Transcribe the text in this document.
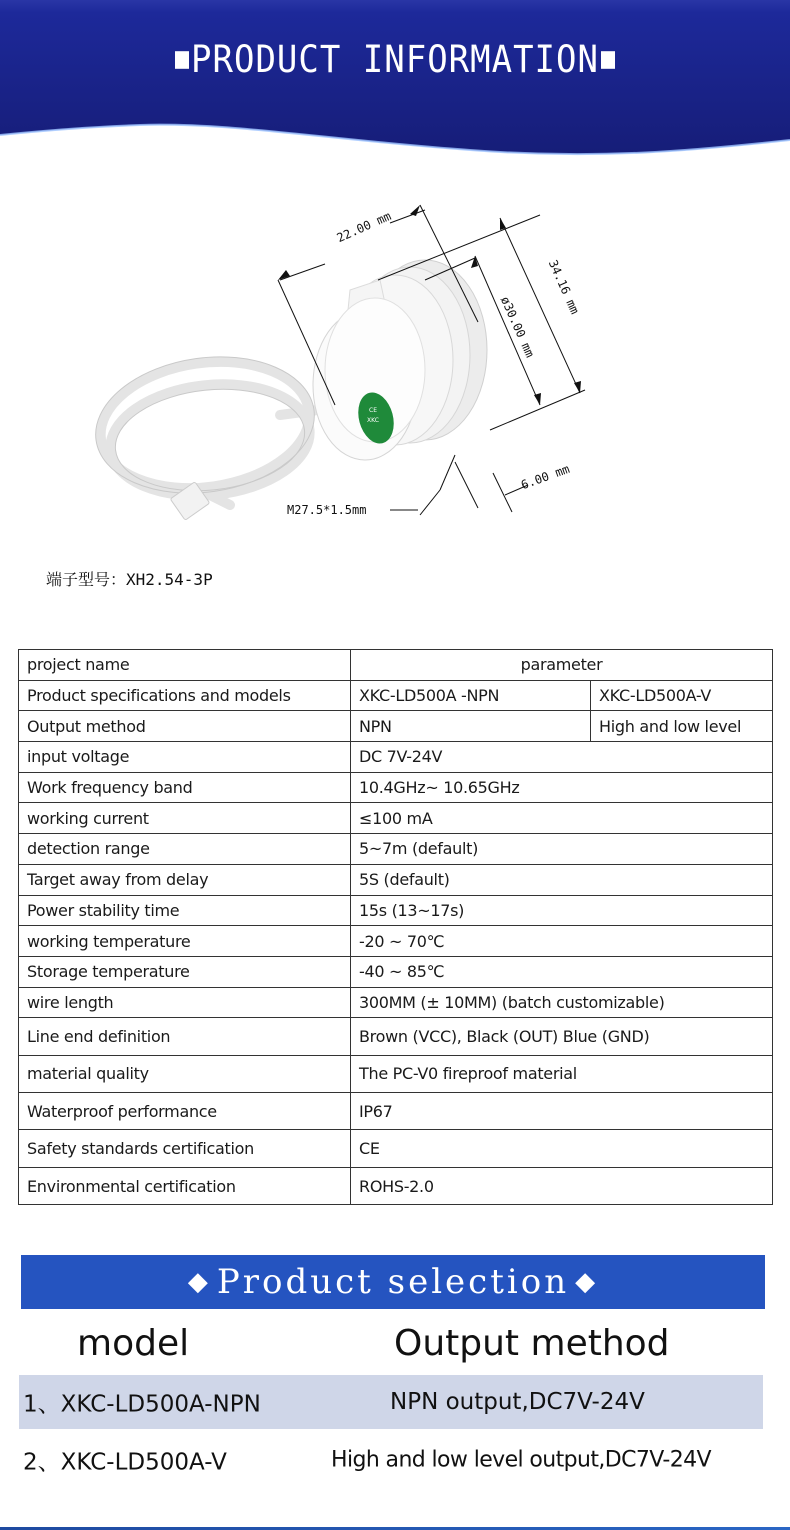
PRODUCT INFORMATION
CE
XKC
22.00 mm
ø30.00 mm
34.16 mm
6.00 mm
M27.5*1.5mm
端子型号：XH2.54-3P
project name	parameter	
Product specifications and models	XKC-LD500A -NPN	XKC-LD500A-V
Output method	NPN	High and low level
input voltage	DC 7V-24V	
Work frequency band	10.4GHz~ 10.65GHz	
working current	≤100 mA	
detection range	5~7m (default)	
Target away from delay	5S (default)	
Power stability time	15s (13~17s)	
working temperature	-20 ~ 70℃	
Storage temperature	-40 ~ 85℃	
wire length	300MM (± 10MM) (batch customizable)	
Line end definition	Brown (VCC), Black (OUT) Blue (GND)	
material quality	The PC-V0 fireproof material	
Waterproof performance	IP67	
Safety standards certification	CE	
Environmental certification	ROHS-2.0	
◆ Product selection ◆
model	Output method
1、XKC-LD500A-NPN	NPN output,DC7V-24V
2、XKC-LD500A-V	High and low level output,DC7V-24V
